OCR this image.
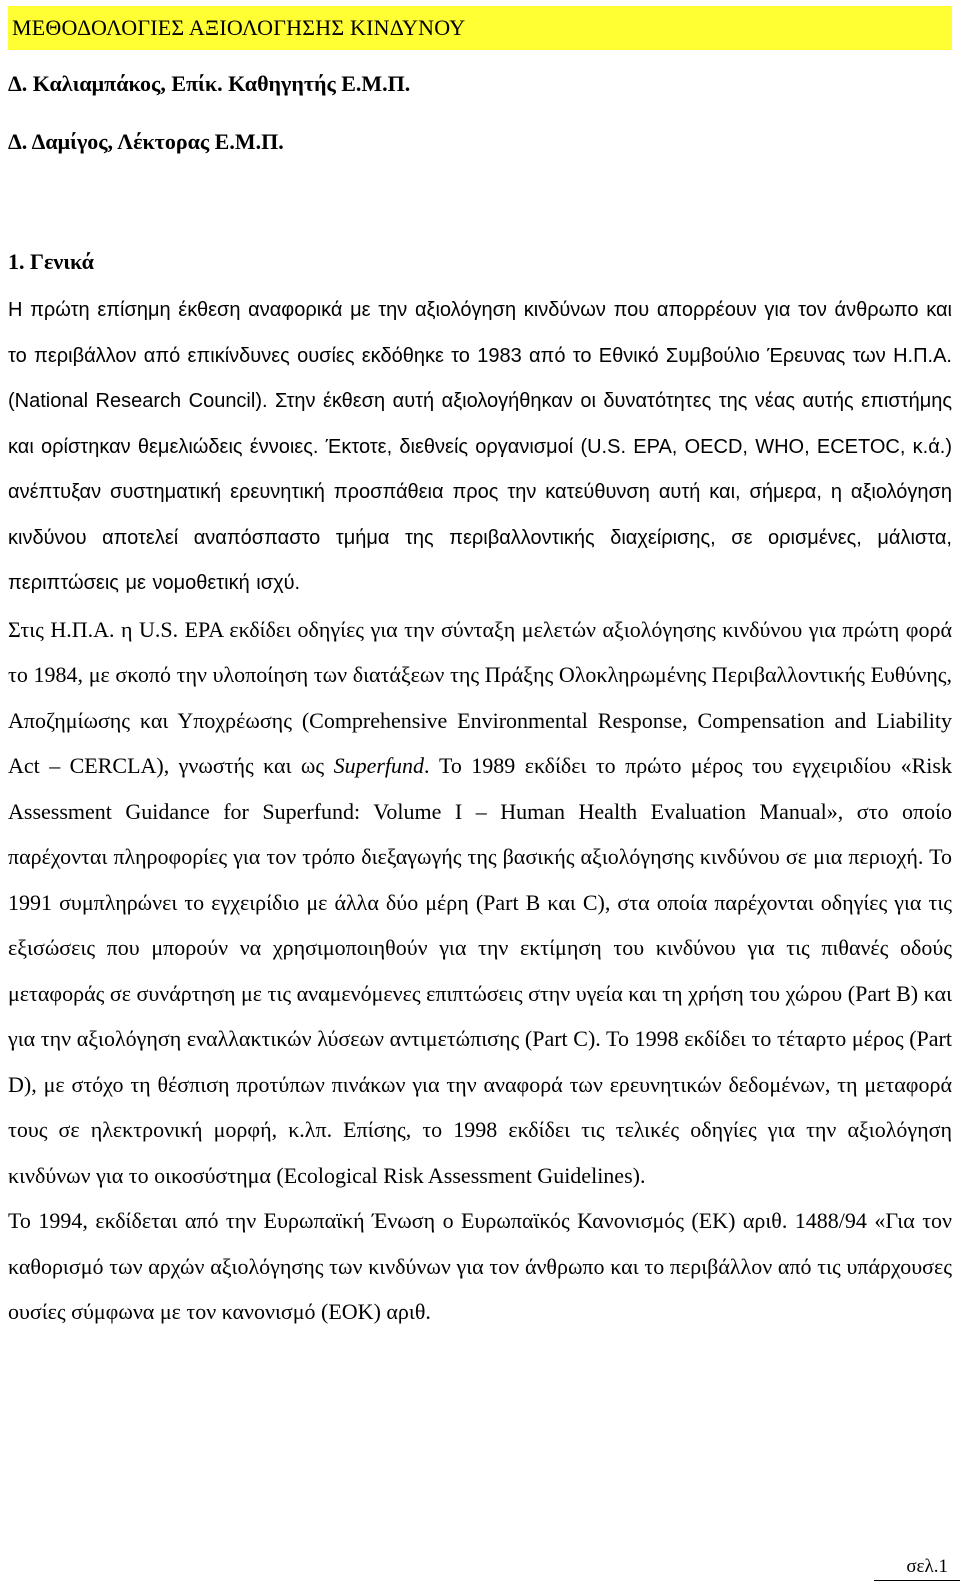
ΜΕΘΟΔΟΛΟΓΙΕΣ ΑΞΙΟΛΟΓΗΣΗΣ ΚΙΝΔΥΝΟΥ
Δ. Καλιαμπάκος, Επίκ. Καθηγητής Ε.Μ.Π.
Δ. Δαμίγος, Λέκτορας Ε.Μ.Π.
1. Γενικά

Η πρώτη επίσημη έκθεση αναφορικά με την αξιολόγηση κινδύνων που απορρέουν για τον άνθρωπο και το περιβάλλον από επικίνδυνες ουσίες εκδόθηκε το 1983 από το Εθνικό Συμβούλιο Έρευνας των Η.Π.Α. (National Research Council). Στην έκθεση αυτή αξιολογήθηκαν οι δυνατότητες της νέας αυτής επιστήμης και ορίστηκαν θεμελιώδεις έννοιες. Έκτοτε, διεθνείς οργανισμοί (U.S. EPA, OECD, WHO, ECETOC, κ.ά.) ανέπτυξαν συστηματική ερευνητική προσπάθεια προς την κατεύθυνση αυτή και, σήμερα, η αξιολόγηση κινδύνου αποτελεί αναπόσπαστο τμήμα της περιβαλλοντικής διαχείρισης, σε ορισμένες, μάλιστα, περιπτώσεις με νομοθετική ισχύ.

Στις Η.Π.Α. η U.S. EPA εκδίδει οδηγίες για την σύνταξη μελετών αξιολόγησης κινδύνου για πρώτη φορά το 1984, με σκοπό την υλοποίηση των διατάξεων της Πράξης Ολοκληρωμένης Περιβαλλοντικής Ευθύνης, Αποζημίωσης και Υποχρέωσης (Comprehensive Environmental Response, Compensation and Liability Act – CERCLA), γνωστής και ως Superfund. Το 1989 εκδίδει το πρώτο μέρος του εγχειριδίου «Risk Assessment Guidance for Superfund: Volume I – Human Health Evaluation Manual», στο οποίο παρέχονται πληροφορίες για τον τρόπο διεξαγωγής της βασικής αξιολόγησης κινδύνου σε μια περιοχή. Το 1991 συμπληρώνει το εγχειρίδιο με άλλα δύο μέρη (Part B και C), στα οποία παρέχονται οδηγίες για τις εξισώσεις που μπορούν να χρησιμοποιηθούν για την εκτίμηση του κινδύνου για τις πιθανές οδούς μεταφοράς σε συνάρτηση με τις αναμενόμενες επιπτώσεις στην υγεία και τη χρήση του χώρου (Part B) και για την αξιολόγηση εναλλακτικών λύσεων αντιμετώπισης (Part C). Το 1998 εκδίδει το τέταρτο μέρος (Part D), με στόχο τη θέσπιση προτύπων πινάκων για την αναφορά των ερευνητικών δεδομένων, τη μεταφορά τους σε ηλεκτρονική μορφή, κ.λπ. Επίσης, το 1998 εκδίδει τις τελικές οδηγίες για την αξιολόγηση κινδύνων για το οικοσύστημα (Ecological Risk Assessment Guidelines).

Το 1994, εκδίδεται από την Ευρωπαϊκή Ένωση ο Ευρωπαϊκός Κανονισμός (ΕΚ) αριθ. 1488/94 «Για τον καθορισμό των αρχών αξιολόγησης των κινδύνων για τον άνθρωπο και το περιβάλλον από τις υπάρχουσες ουσίες σύμφωνα με τον κανονισμό (ΕΟΚ) αριθ.

σελ.1
